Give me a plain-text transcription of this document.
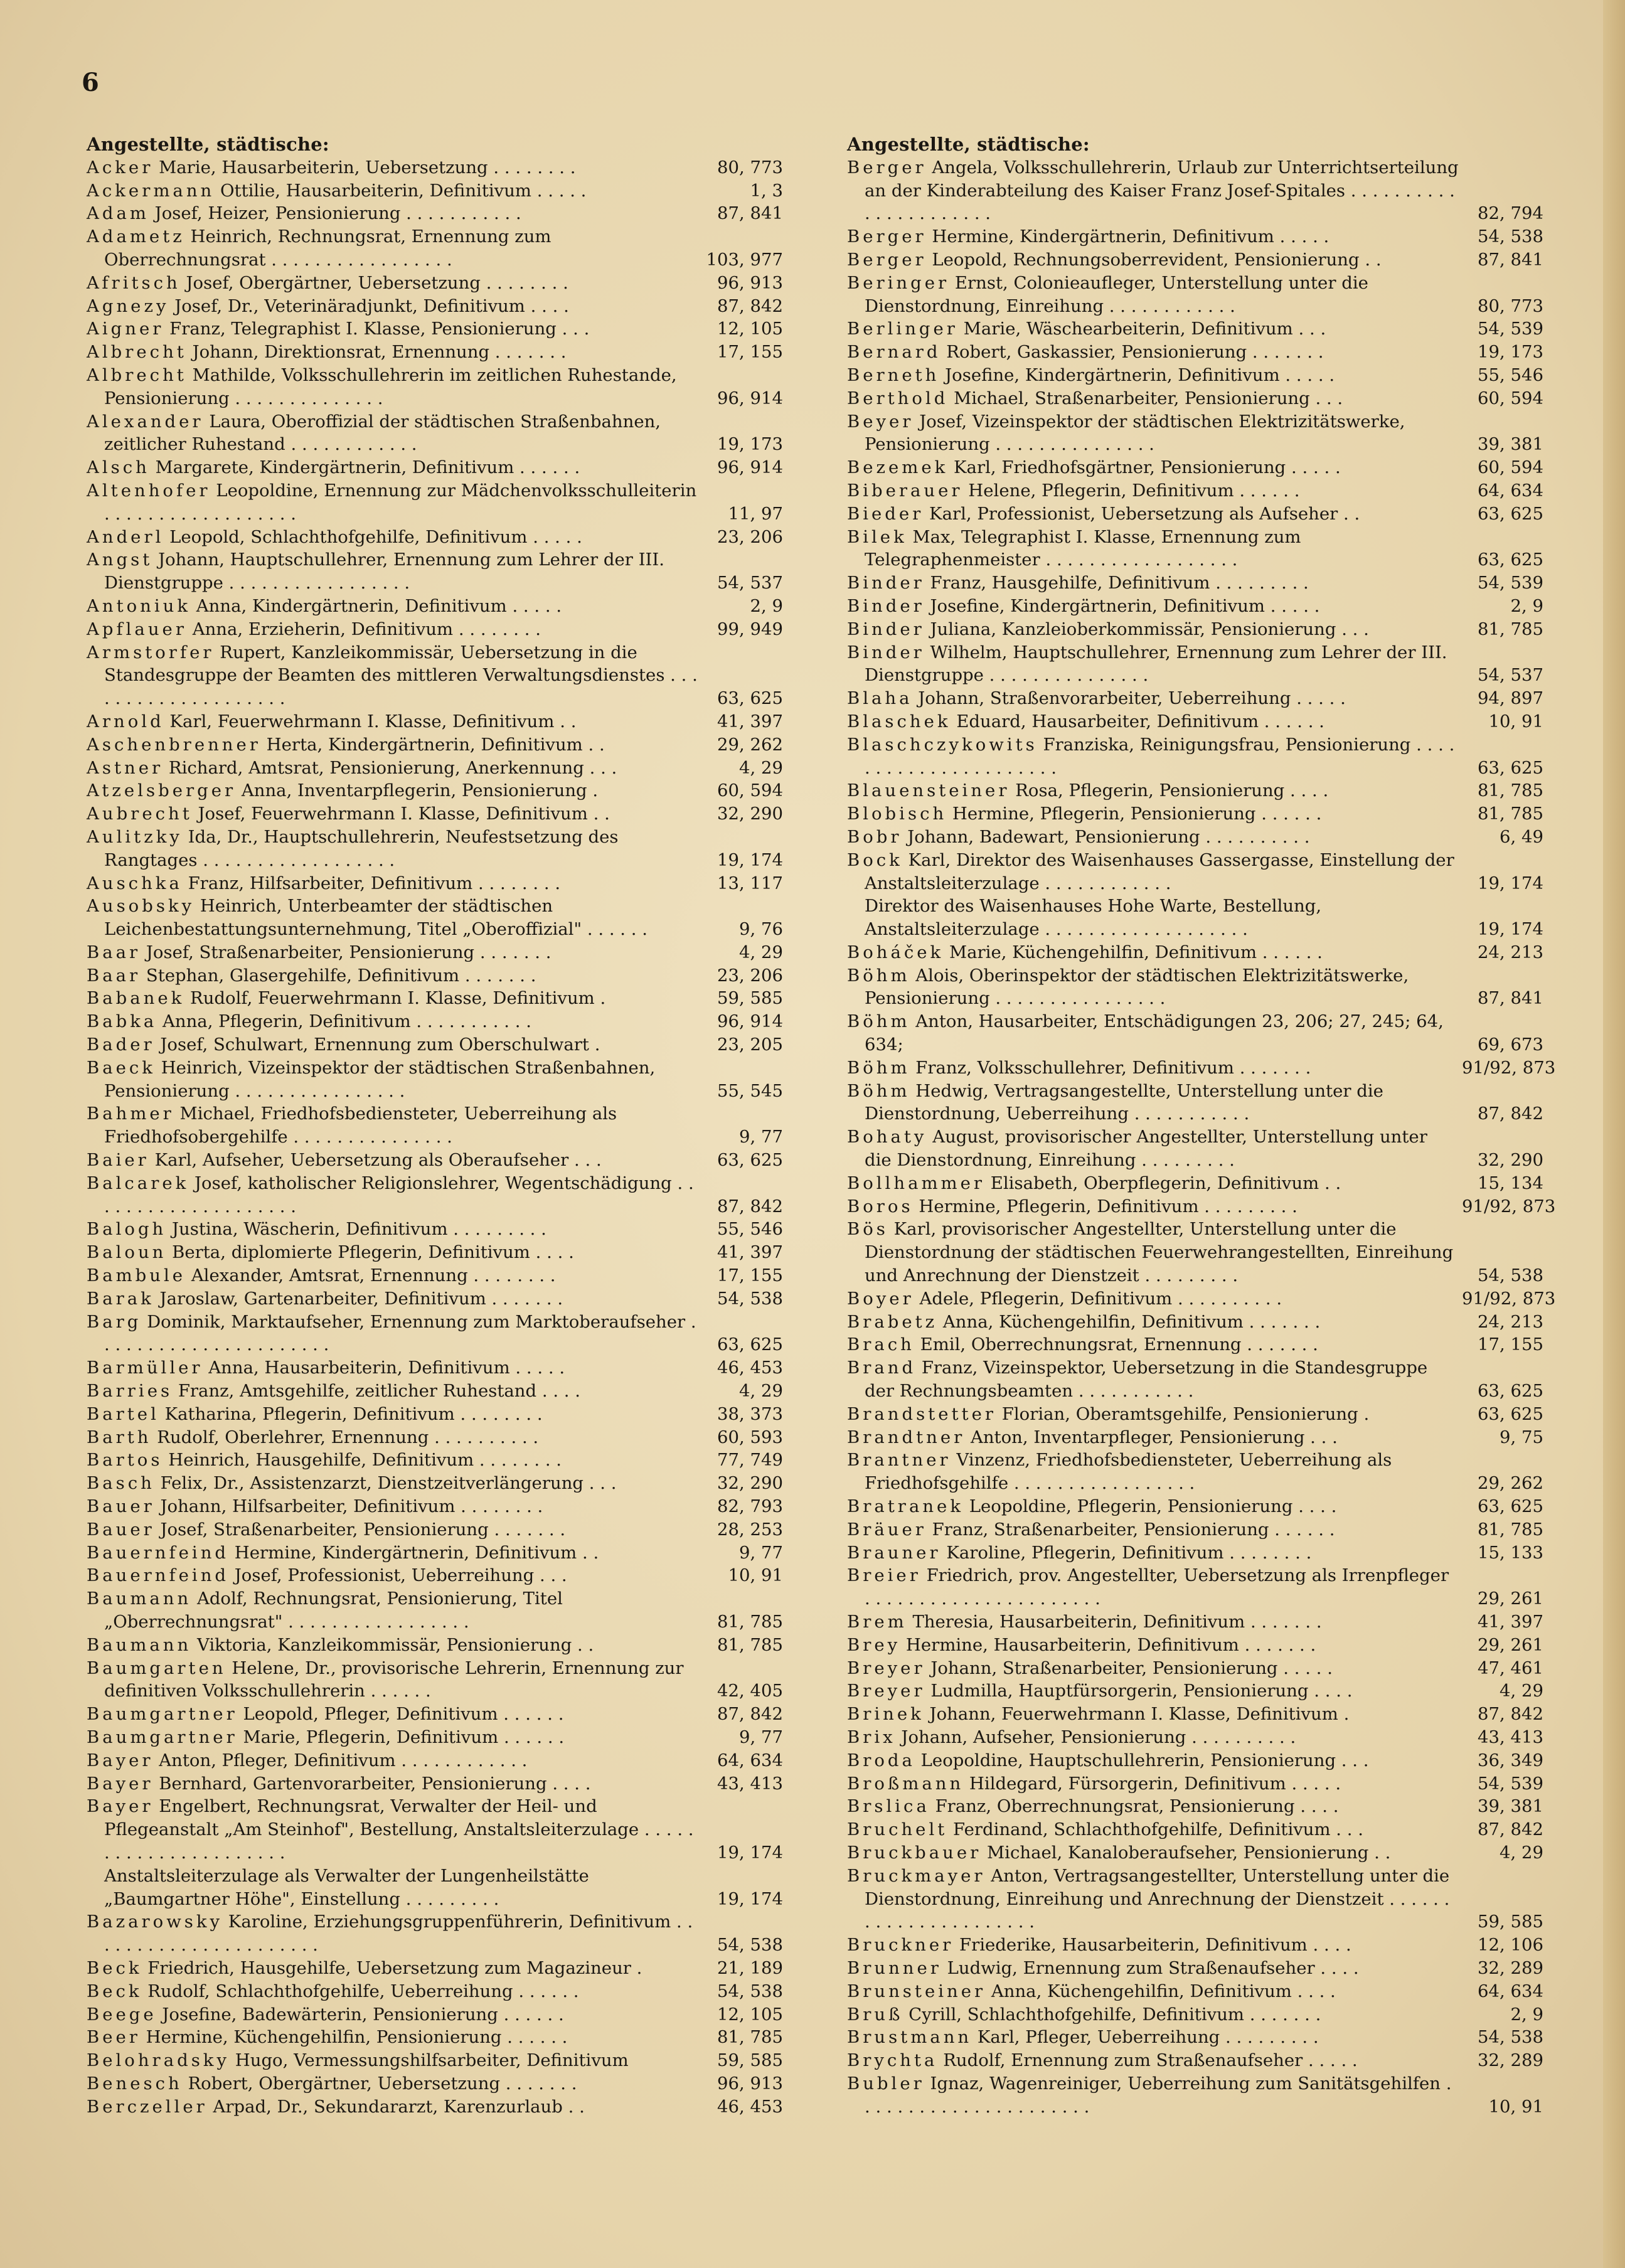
6
Angestellte, städtische:
Acker Marie, Hausarbeiterin, Uebersetzung . . . . . . . .	80, 773
Ackermann Ottilie, Hausarbeiterin, Definitivum . . . . .	1, 3
Adam Josef, Heizer, Pensionierung . . . . . . . . . . .	87, 841
Adametz Heinrich, Rechnungsrat, Ernennung zum Oberrechnungsrat . . . . . . . . . . . . . . . . .	103, 977
Afritsch Josef, Obergärtner, Uebersetzung . . . . . . . .	96, 913
Agnezy Josef, Dr., Veterinäradjunkt, Definitivum . . . .	87, 842
Aigner Franz, Telegraphist I. Klasse, Pensionierung . . .	12, 105
Albrecht Johann, Direktionsrat, Ernennung . . . . . . .	17, 155
Albrecht Mathilde, Volksschullehrerin im zeitlichen Ruhestande, Pensionierung . . . . . . . . . . . . . .	96, 914
Alexander Laura, Oberoffizial der städtischen Straßenbahnen, zeitlicher Ruhestand . . . . . . . . . . . .	19, 173
Alsch Margarete, Kindergärtnerin, Definitivum . . . . . .	96, 914
Altenhofer Leopoldine, Ernennung zur Mädchenvolksschulleiterin . . . . . . . . . . . . . . . . . .	11, 97
Anderl Leopold, Schlachthofgehilfe, Definitivum . . . . .	23, 206
Angst Johann, Hauptschullehrer, Ernennung zum Lehrer der III. Dienstgruppe . . . . . . . . . . . . . . . . .	54, 537
Antoniuk Anna, Kindergärtnerin, Definitivum . . . . .	2, 9
Apflauer Anna, Erzieherin, Definitivum . . . . . . . .	99, 949
Armstorfer Rupert, Kanzleikommissär, Uebersetzung in die Standesgruppe der Beamten des mittleren Verwaltungsdienstes . . . . . . . . . . . . . . . . . . . .	63, 625
Arnold Karl, Feuerwehrmann I. Klasse, Definitivum . .	41, 397
Aschenbrenner Herta, Kindergärtnerin, Definitivum . .	29, 262
Astner Richard, Amtsrat, Pensionierung, Anerkennung . . .	4, 29
Atzelsberger Anna, Inventarpflegerin, Pensionierung .	60, 594
Aubrecht Josef, Feuerwehrmann I. Klasse, Definitivum . .	32, 290
Aulitzky Ida, Dr., Hauptschullehrerin, Neufestsetzung des Rangtages . . . . . . . . . . . . . . . . . .	19, 174
Auschka Franz, Hilfsarbeiter, Definitivum . . . . . . . .	13, 117
Ausobsky Heinrich, Unterbeamter der städtischen Leichenbestattungsunternehmung, Titel „Oberoffizial" . . . . . .	9, 76
Baar Josef, Straßenarbeiter, Pensionierung . . . . . . .	4, 29
Baar Stephan, Glasergehilfe, Definitivum . . . . . . .	23, 206
Babanek Rudolf, Feuerwehrmann I. Klasse, Definitivum .	59, 585
Babka Anna, Pflegerin, Definitivum . . . . . . . . . . .	96, 914
Bader Josef, Schulwart, Ernennung zum Oberschulwart .	23, 205
Baeck Heinrich, Vizeinspektor der städtischen Straßenbahnen, Pensionierung . . . . . . . . . . . . . . . .	55, 545
Bahmer Michael, Friedhofsbediensteter, Ueberreihung als Friedhofsobergehilfe . . . . . . . . . . . . . . .	9, 77
Baier Karl, Aufseher, Uebersetzung als Oberaufseher . . .	63, 625
Balcarek Josef, katholischer Religionslehrer, Wegentschädigung . . . . . . . . . . . . . . . . . . . .	87, 842
Balogh Justina, Wäscherin, Definitivum . . . . . . . . .	55, 546
Baloun Berta, diplomierte Pflegerin, Definitivum . . . .	41, 397
Bambule Alexander, Amtsrat, Ernennung . . . . . . . .	17, 155
Barak Jaroslaw, Gartenarbeiter, Definitivum . . . . . . .	54, 538
Barg Dominik, Marktaufseher, Ernennung zum Marktoberaufseher . . . . . . . . . . . . . . . . . . . . . .	63, 625
Barmüller Anna, Hausarbeiterin, Definitivum . . . . .	46, 453
Barries Franz, Amtsgehilfe, zeitlicher Ruhestand . . . .	4, 29
Bartel Katharina, Pflegerin, Definitivum . . . . . . . .	38, 373
Barth Rudolf, Oberlehrer, Ernennung . . . . . . . . . .	60, 593
Bartos Heinrich, Hausgehilfe, Definitivum . . . . . . . .	77, 749
Basch Felix, Dr., Assistenzarzt, Dienstzeitverlängerung . . .	32, 290
Bauer Johann, Hilfsarbeiter, Definitivum . . . . . . . .	82, 793
Bauer Josef, Straßenarbeiter, Pensionierung . . . . . . .	28, 253
Bauernfeind Hermine, Kindergärtnerin, Definitivum . .	9, 77
Bauernfeind Josef, Professionist, Ueberreihung . . .	10, 91
Baumann Adolf, Rechnungsrat, Pensionierung, Titel „Oberrechnungsrat" . . . . . . . . . . . . . . . . .	81, 785
Baumann Viktoria, Kanzleikommissär, Pensionierung . .	81, 785
Baumgarten Helene, Dr., provisorische Lehrerin, Ernennung zur definitiven Volksschullehrerin . . . . . .	42, 405
Baumgartner Leopold, Pfleger, Definitivum . . . . . .	87, 842
Baumgartner Marie, Pflegerin, Definitivum . . . . . .	9, 77
Bayer Anton, Pfleger, Definitivum . . . . . . . . . . . .	64, 634
Bayer Bernhard, Gartenvorarbeiter, Pensionierung . . . .	43, 413
Bayer Engelbert, Rechnungsrat, Verwalter der Heil- und Pflegeanstalt „Am Steinhof", Bestellung, Anstaltsleiterzulage . . . . . . . . . . . . . . . . . . . . . .	19, 174
Anstaltsleiterzulage als Verwalter der Lungenheilstätte „Baumgartner Höhe", Einstellung . . . . . . . . .	19, 174
Bazarowsky Karoline, Erziehungsgruppenführerin, Definitivum . . . . . . . . . . . . . . . . . . . . . .	54, 538
Beck Friedrich, Hausgehilfe, Uebersetzung zum Magazineur .	21, 189
Beck Rudolf, Schlachthofgehilfe, Ueberreihung . . . . . .	54, 538
Beege Josefine, Badewärterin, Pensionierung . . . . . .	12, 105
Beer Hermine, Küchengehilfin, Pensionierung . . . . . .	81, 785
Belohradsky Hugo, Vermessungshilfsarbeiter, Definitivum	59, 585
Benesch Robert, Obergärtner, Uebersetzung . . . . . . .	96, 913
Berczeller Arpad, Dr., Sekundararzt, Karenzurlaub . .	46, 453
Angestellte, städtische:
Berger Angela, Volksschullehrerin, Urlaub zur Unterrichtserteilung an der Kinderabteilung des Kaiser Franz Josef-Spitales . . . . . . . . . . . . . . . . . . . . . .	82, 794
Berger Hermine, Kindergärtnerin, Definitivum . . . . .	54, 538
Berger Leopold, Rechnungsoberrevident, Pensionierung . .	87, 841
Beringer Ernst, Colonieaufleger, Unterstellung unter die Dienstordnung, Einreihung . . . . . . . . . . . .	80, 773
Berlinger Marie, Wäschearbeiterin, Definitivum . . .	54, 539
Bernard Robert, Gaskassier, Pensionierung . . . . . . .	19, 173
Berneth Josefine, Kindergärtnerin, Definitivum . . . . .	55, 546
Berthold Michael, Straßenarbeiter, Pensionierung . . .	60, 594
Beyer Josef, Vizeinspektor der städtischen Elektrizitätswerke, Pensionierung . . . . . . . . . . . . . . .	39, 381
Bezemek Karl, Friedhofsgärtner, Pensionierung . . . . .	60, 594
Biberauer Helene, Pflegerin, Definitivum . . . . . .	64, 634
Bieder Karl, Professionist, Uebersetzung als Aufseher . .	63, 625
Bilek Max, Telegraphist I. Klasse, Ernennung zum Telegraphenmeister . . . . . . . . . . . . . . . . . .	63, 625
Binder Franz, Hausgehilfe, Definitivum . . . . . . . . .	54, 539
Binder Josefine, Kindergärtnerin, Definitivum . . . . .	2, 9
Binder Juliana, Kanzleioberkommissär, Pensionierung . . .	81, 785
Binder Wilhelm, Hauptschullehrer, Ernennung zum Lehrer der III. Dienstgruppe . . . . . . . . . . . . . . .	54, 537
Blaha Johann, Straßenvorarbeiter, Ueberreihung . . . . .	94, 897
Blaschek Eduard, Hausarbeiter, Definitivum . . . . . .	10, 91
Blaschczykowits Franziska, Reinigungsfrau, Pensionierung . . . . . . . . . . . . . . . . . . . . . .	63, 625
Blauensteiner Rosa, Pflegerin, Pensionierung . . . .	81, 785
Blobisch Hermine, Pflegerin, Pensionierung . . . . . .	81, 785
Bobr Johann, Badewart, Pensionierung . . . . . . . . . .	6, 49
Bock Karl, Direktor des Waisenhauses Gassergasse, Einstellung der Anstaltsleiterzulage . . . . . . . . . . . .	19, 174
Direktor des Waisenhauses Hohe Warte, Bestellung, Anstaltsleiterzulage . . . . . . . . . . . . . . . . . . .	19, 174
Boháček Marie, Küchengehilfin, Definitivum . . . . . .	24, 213
Böhm Alois, Oberinspektor der städtischen Elektrizitätswerke, Pensionierung . . . . . . . . . . . . . . . .	87, 841
Böhm Anton, Hausarbeiter, Entschädigungen 23, 206; 27, 245; 64, 634;	69, 673
Böhm Franz, Volksschullehrer, Definitivum . . . . . . .	91/92, 873
Böhm Hedwig, Vertragsangestellte, Unterstellung unter die Dienstordnung, Ueberreihung . . . . . . . . . . .	87, 842
Bohaty August, provisorischer Angestellter, Unterstellung unter die Dienstordnung, Einreihung . . . . . . . . .	32, 290
Bollhammer Elisabeth, Oberpflegerin, Definitivum . .	15, 134
Boros Hermine, Pflegerin, Definitivum . . . . . . . . .	91/92, 873
Bös Karl, provisorischer Angestellter, Unterstellung unter die Dienstordnung der städtischen Feuerwehrangestellten, Einreihung und Anrechnung der Dienstzeit . . . . . . . . .	54, 538
Boyer Adele, Pflegerin, Definitivum . . . . . . . . . .	91/92, 873
Brabetz Anna, Küchengehilfin, Definitivum . . . . . . .	24, 213
Brach Emil, Oberrechnungsrat, Ernennung . . . . . . .	17, 155
Brand Franz, Vizeinspektor, Uebersetzung in die Standesgruppe der Rechnungsbeamten . . . . . . . . . . .	63, 625
Brandstetter Florian, Oberamtsgehilfe, Pensionierung .	63, 625
Brandtner Anton, Inventarpfleger, Pensionierung . . .	9, 75
Brantner Vinzenz, Friedhofsbediensteter, Ueberreihung als Friedhofsgehilfe . . . . . . . . . . . . . . . . .	29, 262
Bratranek Leopoldine, Pflegerin, Pensionierung . . . .	63, 625
Bräuer Franz, Straßenarbeiter, Pensionierung . . . . . .	81, 785
Brauner Karoline, Pflegerin, Definitivum . . . . . . . .	15, 133
Breier Friedrich, prov. Angestellter, Uebersetzung als Irrenpfleger . . . . . . . . . . . . . . . . . . . . . .	29, 261
Brem Theresia, Hausarbeiterin, Definitivum . . . . . . .	41, 397
Brey Hermine, Hausarbeiterin, Definitivum . . . . . . .	29, 261
Breyer Johann, Straßenarbeiter, Pensionierung . . . . .	47, 461
Breyer Ludmilla, Hauptfürsorgerin, Pensionierung . . . .	4, 29
Brinek Johann, Feuerwehrmann I. Klasse, Definitivum .	87, 842
Brix Johann, Aufseher, Pensionierung . . . . . . . . . .	43, 413
Broda Leopoldine, Hauptschullehrerin, Pensionierung . . .	36, 349
Broßmann Hildegard, Fürsorgerin, Definitivum . . . . .	54, 539
Brslica Franz, Oberrechnungsrat, Pensionierung . . . .	39, 381
Bruchelt Ferdinand, Schlachthofgehilfe, Definitivum . . .	87, 842
Bruckbauer Michael, Kanaloberaufseher, Pensionierung . .	4, 29
Bruckmayer Anton, Vertragsangestellter, Unterstellung unter die Dienstordnung, Einreihung und Anrechnung der Dienstzeit . . . . . . . . . . . . . . . . . . . . . .	59, 585
Bruckner Friederike, Hausarbeiterin, Definitivum . . . .	12, 106
Brunner Ludwig, Ernennung zum Straßenaufseher . . . .	32, 289
Brunsteiner Anna, Küchengehilfin, Definitivum . . . .	64, 634
Bruß Cyrill, Schlachthofgehilfe, Definitivum . . . . . . .	2, 9
Brustmann Karl, Pfleger, Ueberreihung . . . . . . . . .	54, 538
Brychta Rudolf, Ernennung zum Straßenaufseher . . . . .	32, 289
Bubler Ignaz, Wagenreiniger, Ueberreihung zum Sanitätsgehilfen . . . . . . . . . . . . . . . . . . . . . .	10, 91
